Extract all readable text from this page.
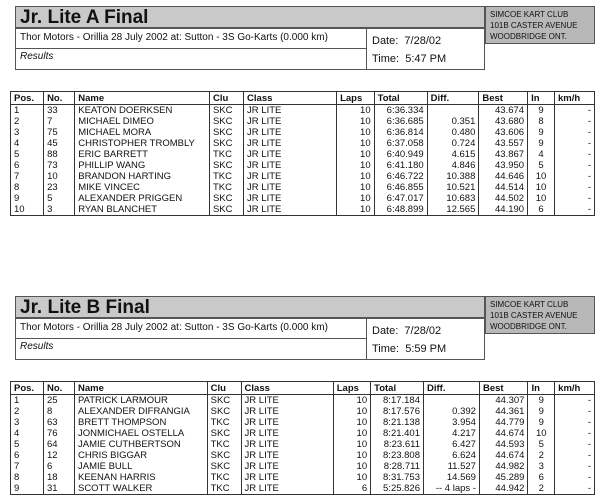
Jr. Lite A Final	SIMCOE KART CLUB
101B CASTER AVENUE
WOODBRIDGE ONT.
Thor Motors - Orillia 28 July 2002 at: Sutton - 3S Go-Karts (0.000 km)
Results
Date: 7/28/02
Time: 5:47 PM
Pos.	No.	Name	Clu	Class	Laps	Total	Diff.	Best	In	km/h
1	33	KEATON DOERKSEN	SKC	JR LITE	10	6:36.334		43.674	9	-
2	7	MICHAEL DIMEO	SKC	JR LITE	10	6:36.685	0.351	43.680	8	-
3	75	MICHAEL MORA	SKC	JR LITE	10	6:36.814	0.480	43.606	9	-
4	45	CHRISTOPHER TROMBLY	SKC	JR LITE	10	6:37.058	0.724	43.557	9	-
5	88	ERIC BARRETT	TKC	JR LITE	10	6:40.949	4.615	43.867	4	-
6	73	PHILLIP WANG	SKC	JR LITE	10	6:41.180	4.846	43.950	5	-
7	10	BRANDON HARTING	TKC	JR LITE	10	6:46.722	10.388	44.646	10	-
8	23	MIKE VINCEC	TKC	JR LITE	10	6:46.855	10.521	44.514	10	-
9	5	ALEXANDER PRIGGEN	SKC	JR LITE	10	6:47.017	10.683	44.502	10	-
10	3	RYAN BLANCHET	SKC	JR LITE	10	6:48.899	12.565	44.190	6	-
Jr. Lite B Final	SIMCOE KART CLUB
101B CASTER AVENUE
WOODBRIDGE ONT.
Thor Motors - Orillia 28 July 2002 at: Sutton - 3S Go-Karts (0.000 km)
Results
Date: 7/28/02
Time: 5:59 PM
Pos.	No.	Name	Clu	Class	Laps	Total	Diff.	Best	In	km/h
1	25	PATRICK LARMOUR	SKC	JR LITE	10	8:17.184		44.307	9	-
2	8	ALEXANDER DIFRANGIA	SKC	JR LITE	10	8:17.576	0.392	44.361	9	-
3	63	BRETT THOMPSON	TKC	JR LITE	10	8:21.138	3.954	44.779	9	-
4	76	JONMICHAEL OSTELLA	SKC	JR LITE	10	8:21.401	4.217	44.674	10	-
5	64	JAMIE CUTHBERTSON	TKC	JR LITE	10	8:23.611	6.427	44.593	5	-
6	12	CHRIS BIGGAR	SKC	JR LITE	10	8:23.808	6.624	44.674	2	-
7	6	JAMIE BULL	SKC	JR LITE	10	8:28.711	11.527	44.982	3	-
8	18	KEENAN HARRIS	TKC	JR LITE	10	8:31.753	14.569	45.289	6	-
9	31	SCOTT WALKER	TKC	JR LITE	6	5:25.826	-- 4 laps -	44.942	2	-
